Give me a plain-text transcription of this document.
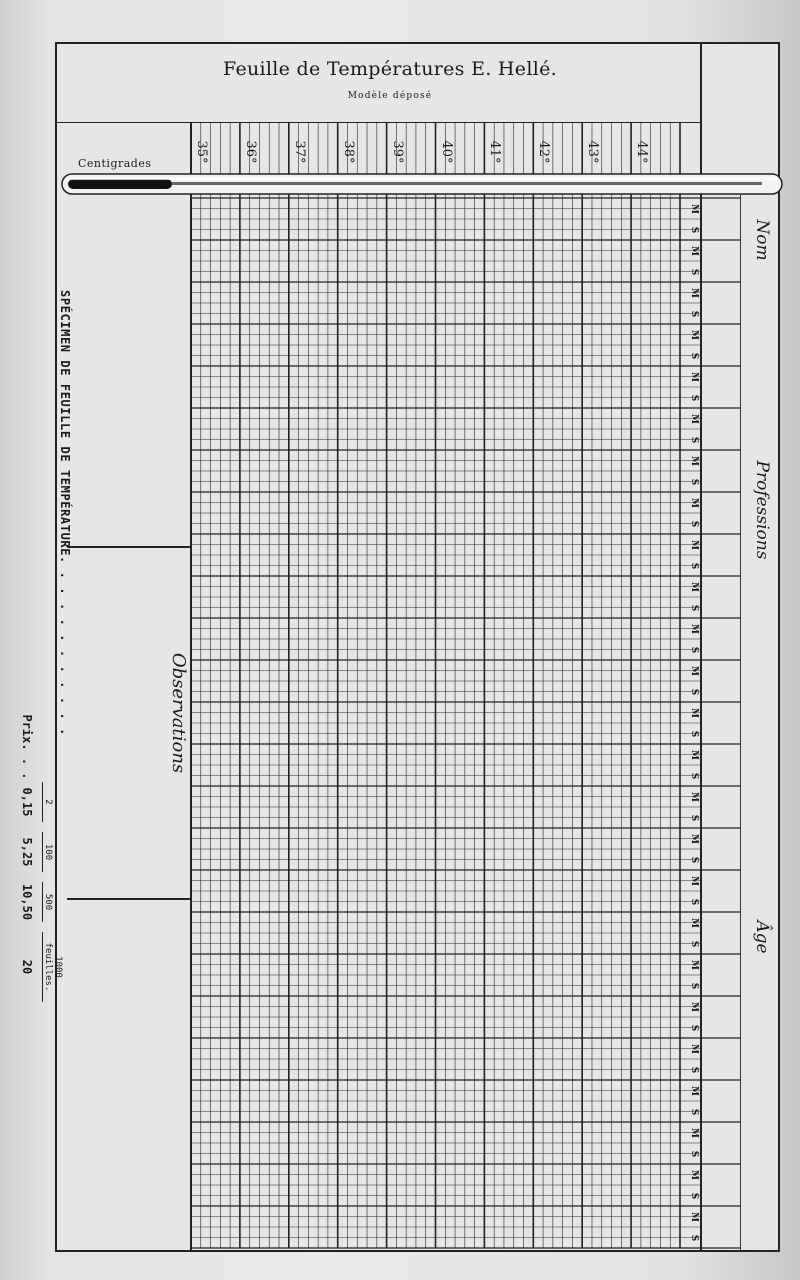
Feuille de Températures E. Hellé.
Modèle déposé
Centigrades	35°	36°	37°	38°	39°	40°	41°	42°	43°	44°
Observations
Nom
Professions
Âge
M
S
M
S
M
S
M
S
M
S
M
S
M
S
M
S
M
S
M
S
M
S
M
S
M
S
M
S
M
S
M
S
M
S
M
S
M
S
M
S
M
S
M
S
M
S
M
S
M
S
SPÉCIMEN DE FEUILLE DE TEMPÉRATURE. . . . . . . . . . . .
2
100
500
1000 feuilles.
Prix. . .
0,15
5,25
10,50
20
